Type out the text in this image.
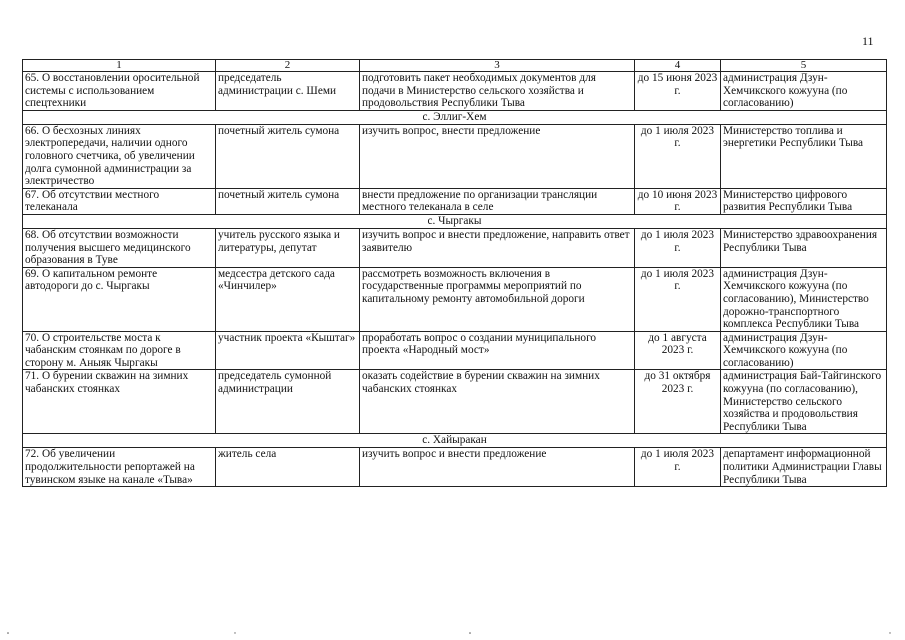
11
1	2	3	4	5
65. О восстановлении оросительной системы с использованием спецтехники	председатель администрации с. Шеми	подготовить пакет необходимых документов для подачи в Министерство сельского хозяйства и продовольствия Республики Тыва	до 15 июня 2023 г.	администрация Дзун-Хемчикского кожууна (по согласованию)
с. Эллиг-Хем				
66. О бесхозных линиях электропередачи, наличии одного головного счетчика, об увеличении долга сумонной администрации за электричество	почетный житель сумона	изучить вопрос, внести предложение	до 1 июля 2023 г.	Министерство топлива и энергетики Республики Тыва
67. Об отсутствии местного телеканала	почетный житель сумона	внести предложение по организации трансляции местного телеканала в селе	до 10 июня 2023 г.	Министерство цифрового развития Республики Тыва
с. Чыргакы				
68. Об отсутствии возможности получения высшего медицинского образования в Туве	учитель русского языка и литературы, депутат	изучить вопрос и внести предложение, направить ответ заявителю	до 1 июля 2023 г.	Министерство здравоохранения Республики Тыва
69. О капитальном ремонте автодороги до с. Чыргакы	медсестра детского сада «Чинчилер»	рассмотреть возможность включения в государственные программы мероприятий по капитальному ремонту автомобильной дороги	до 1 июля 2023 г.	администрация Дзун-Хемчикского кожууна (по согласованию), Министерство дорожно-транспортного комплекса Республики Тыва
70. О строительстве моста к чабанским стоянкам по дороге в сторону м. Аныяк Чыргакы	участник проекта «Кыштаг»	проработать вопрос о создании муниципального проекта «Народный мост»	до 1 августа 2023 г.	администрация Дзун-Хемчикского кожууна (по согласованию)
71. О бурении скважин на зимних чабанских стоянках	председатель сумонной администрации	оказать содействие в бурении скважин на зимних чабанских стоянках	до 31 октября 2023 г.	администрация Бай-Тайгинского кожууна (по согласованию), Министерство сельского хозяйства и продовольствия Республики Тыва
с. Хайыракан				
72. Об увеличении продолжительности репортажей на тувинском языке на канале «Тыва»	житель села	изучить вопрос и внести предложение	до 1 июля 2023 г.	департамент информационной политики Администрации Главы Республики Тыва
